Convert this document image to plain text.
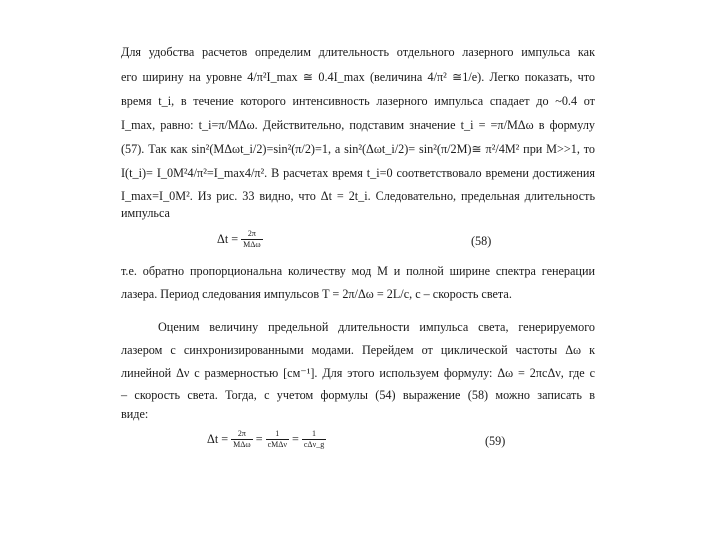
Для удобства расчетов определим длительность отдельного лазерного импульса как
его ширину на уровне 4/π²I_max ≅ 0.4I_max (величина 4/π² ≅1/e). Легко показать, что
время t_i, в течение которого интенсивность лазерного импульса спадает до ~0.4 от
I_max, равно: t_i=π/MΔω. Действительно, подставим значение t_i = =π/MΔω в формулу
(57). Так как sin²(MΔωt_i/2)=sin²(π/2)=1, а sin²(Δωt_i/2)= sin²(π/2M)≅ π²/4M² при M>>1, то
I(t_i)= I_0M²4/π²=I_max4/π². В расчетах время t_i=0 соответствовало времени достижения
I_max=I_0M². Из рис. 33 видно, что Δt = 2t_i. Следовательно, предельная длительность
импульса
$\Delta t = \frac{2\pi}{\text{MΔω}}$	(58)
т.е. обратно пропорциональна количеству мод M и полной ширине спектра генерации
лазера. Период следования импульсов T = 2π/Δω = 2L/c, c – скорость света.
Оценим величину предельной длительности импульса света, генерируемого
лазером с синхронизированными модами. Перейдем от циклической частоты Δω к
линейной Δν с размерностью [см⁻¹]. Для этого используем формулу: Δω = 2πcΔν, где c
– скорость света. Тогда, с учетом формулы (54) выражение (58) можно записать в
виде:
$\Delta t = \frac{2\pi}{\text{MΔω}} = \frac{1}{\text{cMΔν}} = \frac{1}{\text{cΔν\_g}}$	(59)
